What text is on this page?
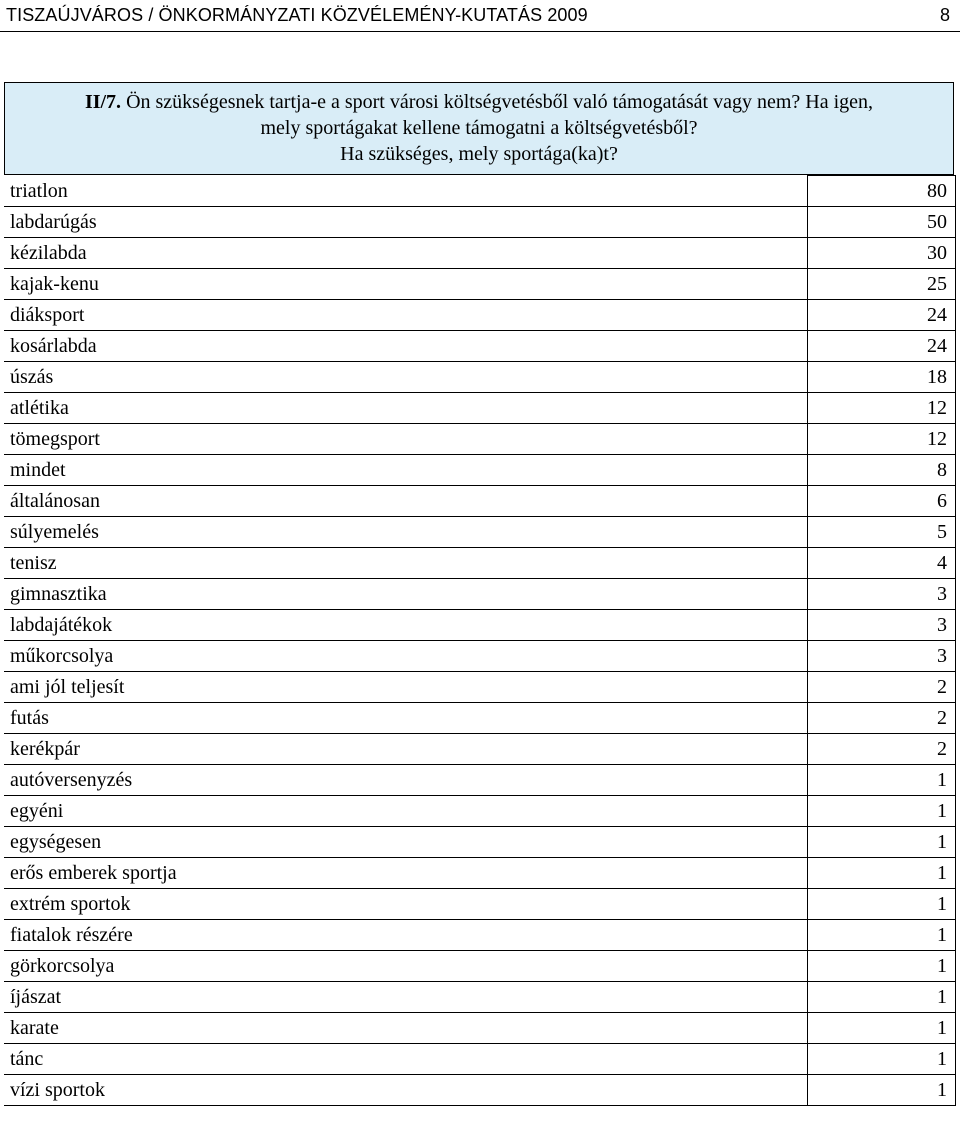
TISZAÚJVÁROS / ÖNKORMÁNYZATI KÖZVÉLEMÉNY-KUTATÁS 2009	8
II/7. Ön szükségesnek tartja-e a sport városi költségvetésből való támogatását vagy nem? Ha igen,
mely sportágakat kellene támogatni a költségvetésből?
Ha szükséges, mely sportága(ka)t?
triatlon	80
labdarúgás	50
kézilabda	30
kajak-kenu	25
diáksport	24
kosárlabda	24
úszás	18
atlétika	12
tömegsport	12
mindet	8
általánosan	6
súlyemelés	5
tenisz	4
gimnasztika	3
labdajátékok	3
műkorcsolya	3
ami jól teljesít	2
futás	2
kerékpár	2
autóversenyzés	1
egyéni	1
egységesen	1
erős emberek sportja	1
extrém sportok	1
fiatalok részére	1
görkorcsolya	1
íjászat	1
karate	1
tánc	1
vízi sportok	1
